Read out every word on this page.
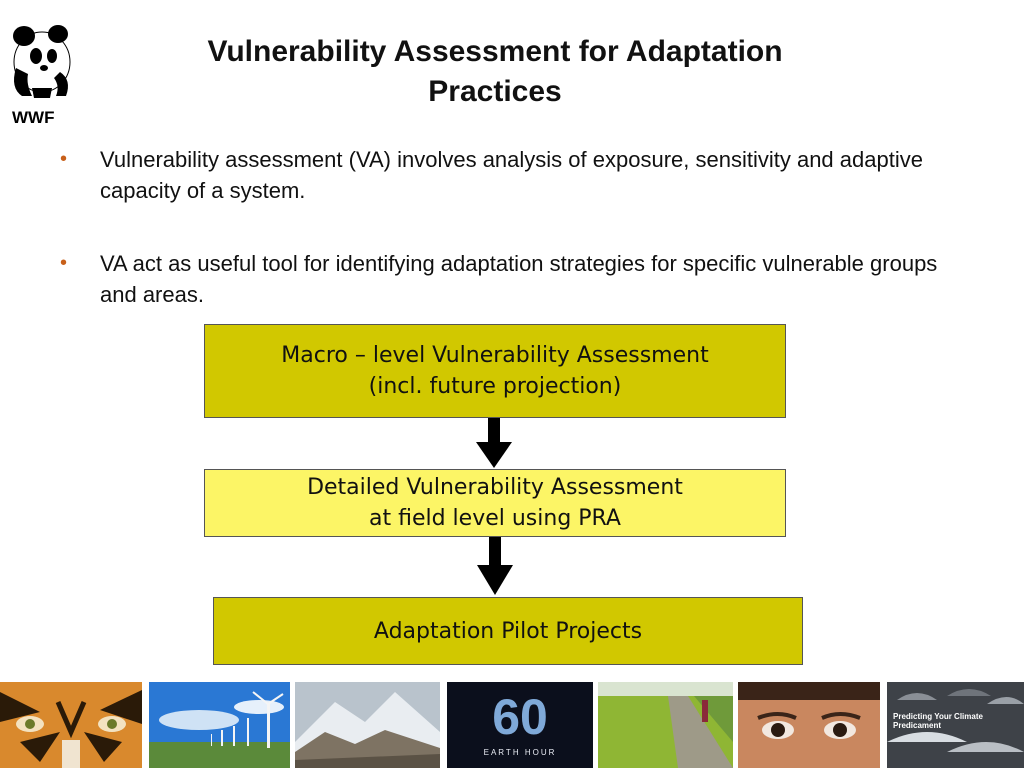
WWF
Vulnerability Assessment for Adaptation Practices
• Vulnerability assessment (VA) involves analysis of exposure, sensitivity and adaptive capacity of a system.
• VA act as useful tool for identifying adaptation strategies for specific vulnerable groups and areas.
Macro – level Vulnerability Assessment
(incl. future projection)
Detailed Vulnerability Assessment
at field level using PRA
Adaptation Pilot Projects
60
EARTH HOUR
Predicting Your Climate Predicament
